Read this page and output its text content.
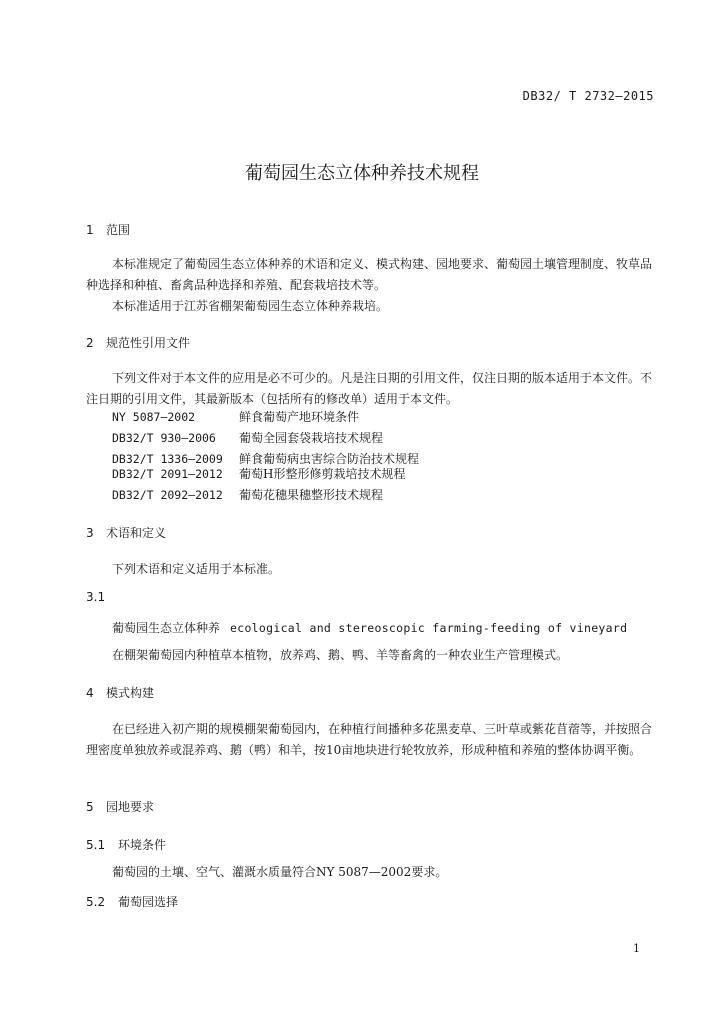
DB32/ T 2732—2015
葡萄园生态立体种养技术规程
1 范围
本标准规定了葡萄园生态立体种养的术语和定义、模式构建、园地要求、葡萄园土壤管理制度、牧草品种选择和种植、畜禽品种选择和养殖、配套栽培技术等。
本标准适用于江苏省棚架葡萄园生态立体种养栽培。
2 规范性引用文件
下列文件对于本文件的应用是必不可少的。凡是注日期的引用文件，仅注日期的版本适用于本文件。不注日期的引用文件，其最新版本（包括所有的修改单）适用于本文件。
NY 5087—2002	鲜食葡萄产地环境条件
DB32/T 930—2006 葡萄全园套袋栽培技术规程
DB32/T 1336—2009 鲜食葡萄病虫害综合防治技术规程
DB32/T 2091—2012 葡萄H形整形修剪栽培技术规程
DB32/T 2092—2012 葡萄花穗果穗整形技术规程
3 术语和定义
下列术语和定义适用于本标准。
3.1
葡萄园生态立体种养 ecological and stereoscopic farming-feeding of vineyard
在棚架葡萄园内种植草本植物，放养鸡、鹅、鸭、羊等畜禽的一种农业生产管理模式。
4 模式构建
在已经进入初产期的规模棚架葡萄园内，在种植行间播种多花黑麦草、三叶草或紫花苜蓿等，并按照合理密度单独放养或混养鸡、鹅（鸭）和羊，按10亩地块进行轮牧放养，形成种植和养殖的整体协调平衡。
5 园地要求
5.1 环境条件
葡萄园的土壤、空气、灌溉水质量符合NY 5087—2002要求。
5.2 葡萄园选择
1
